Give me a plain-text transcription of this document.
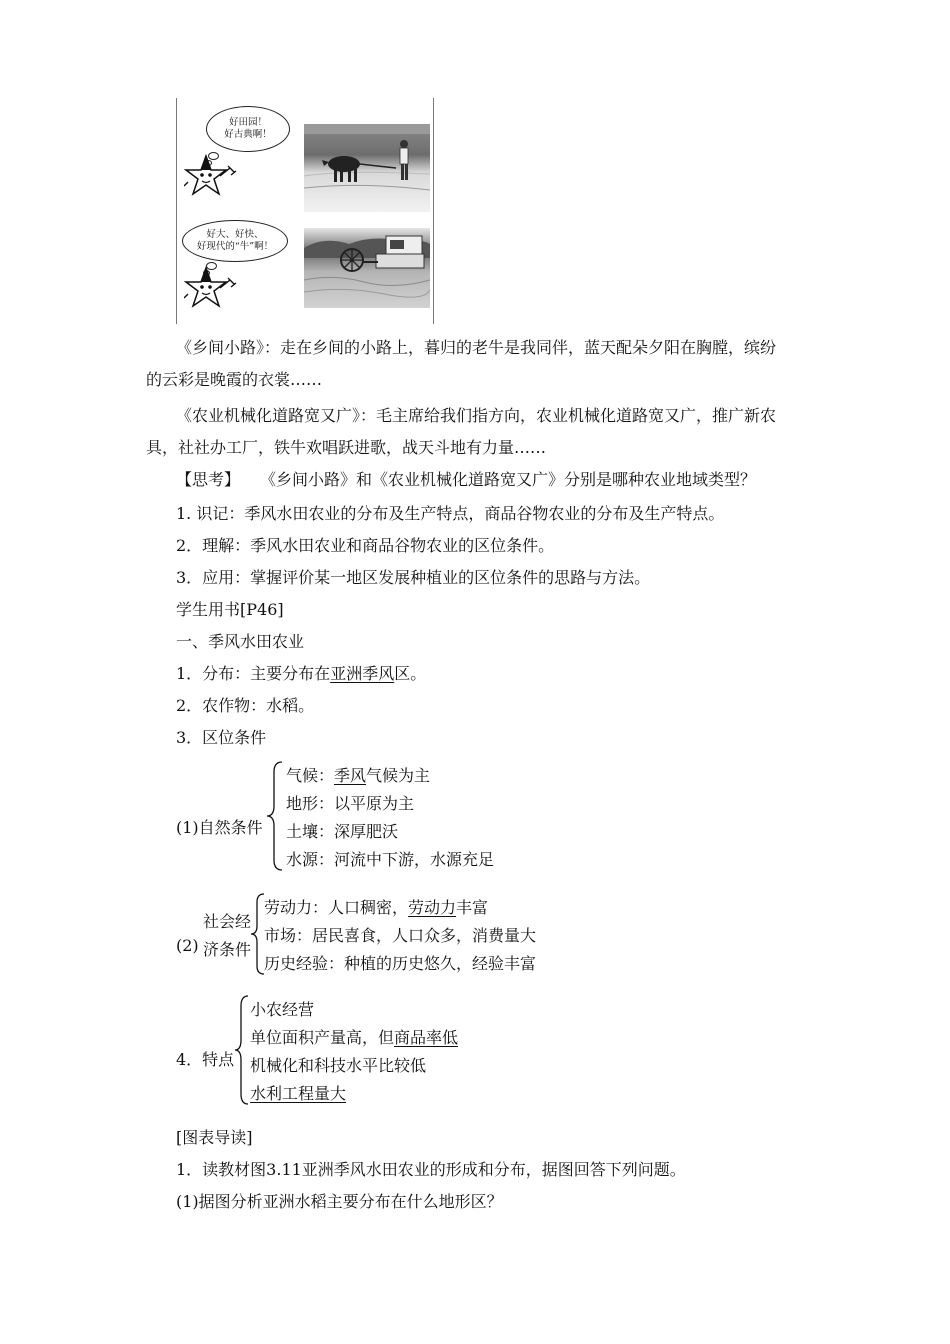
好田园！
好古典啊！
好大、好快、
好现代的“牛”啊！
《乡间小路》：走在乡间的小路上，暮归的老牛是我同伴，蓝天配朵夕阳在胸膛，缤纷
的云彩是晚霞的衣裳……
《农业机械化道路宽又广》：毛主席给我们指方向，农业机械化道路宽又广，推广新农
具，社社办工厂，铁牛欢唱跃进歌，战天斗地有力量……
【思考】 《乡间小路》和《农业机械化道路宽又广》分别是哪种农业地域类型？
1. 识记：季风水田农业的分布及生产特点，商品谷物农业的分布及生产特点。
2．理解：季风水田农业和商品谷物农业的区位条件。
3．应用：掌握评价某一地区发展种植业的区位条件的思路与方法。
学生用书[P46]
一、季风水田农业
1．分布：主要分布在亚洲季风区。
2．农作物：水稻。
3．区位条件
(1)自然条件
气候：季风气候为主
地形：以平原为主
土壤：深厚肥沃
水源：河流中下游，水源充足
(2)
社会经
济条件
劳动力：人口稠密，劳动力丰富
市场：居民喜食，人口众多，消费量大
历史经验：种植的历史悠久，经验丰富
4．特点
小农经营
单位面积产量高，但商品率低
机械化和科技水平比较低
水利工程量大
[图表导读]
1．读教材图3.11亚洲季风水田农业的形成和分布，据图回答下列问题。
(1)据图分析亚洲水稻主要分布在什么地形区？
